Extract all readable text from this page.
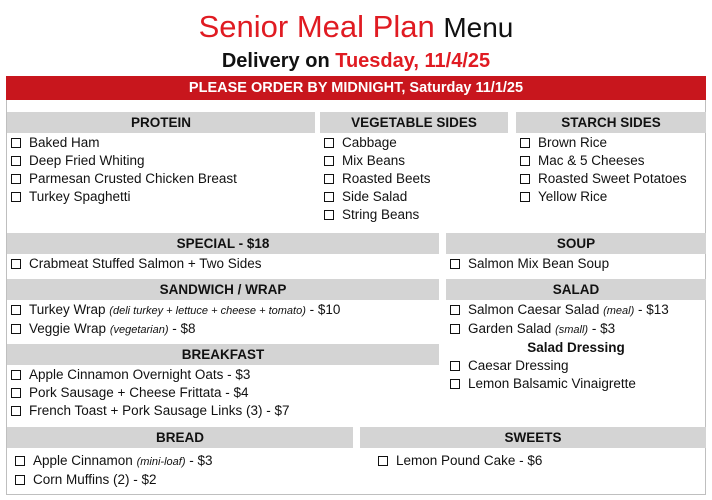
Senior Meal Plan Menu
Delivery on Tuesday, 11/4/25
PLEASE ORDER BY MIDNIGHT, Saturday 11/1/25
PROTEIN
Baked Ham
Deep Fried Whiting
Parmesan Crusted Chicken Breast
Turkey Spaghetti
VEGETABLE SIDES
Cabbage
Mix Beans
Roasted Beets
Side Salad
String Beans
STARCH SIDES
Brown Rice
Mac & 5 Cheeses
Roasted Sweet Potatoes
Yellow Rice
SPECIAL - $18
Crabmeat Stuffed Salmon + Two Sides
SOUP
Salmon Mix Bean Soup
SANDWICH / WRAP
Turkey Wrap (deli turkey + lettuce + cheese + tomato) - $10
Veggie Wrap (vegetarian) - $8
SALAD
Salmon Caesar Salad (meal) - $13
Garden Salad (small) - $3
Salad Dressing
Caesar Dressing
Lemon Balsamic Vinaigrette
BREAKFAST
Apple Cinnamon Overnight Oats - $3
Pork Sausage + Cheese Frittata - $4
French Toast + Pork Sausage Links (3) - $7
BREAD
Apple Cinnamon (mini-loaf) - $3
Corn Muffins (2) - $2
SWEETS
Lemon Pound Cake - $6
